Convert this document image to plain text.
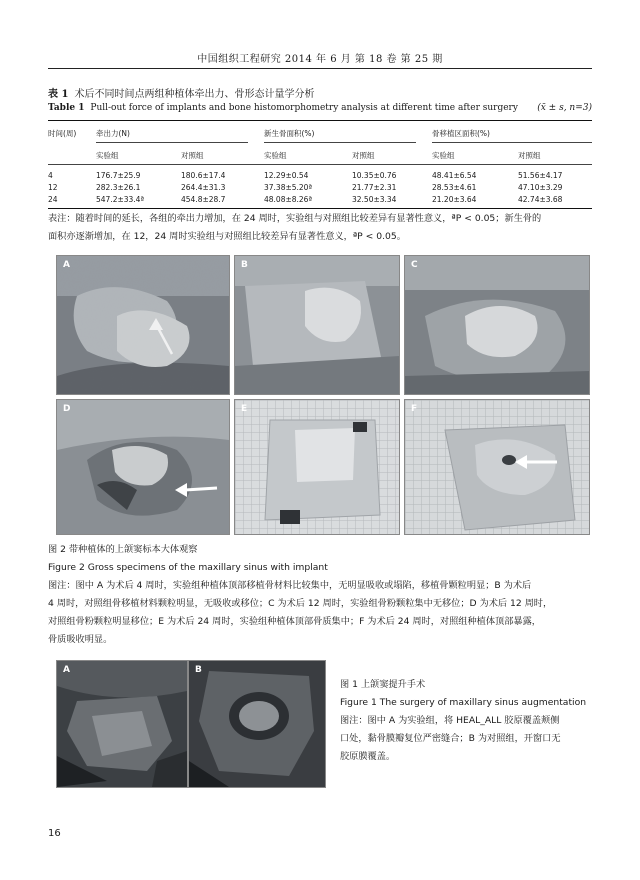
中国组织工程研究 2014 年 6 月 第 18 卷 第 25 期
表 1 术后不同时间点两组种植体牵出力、骨形态计量学分析
Table 1 Pull-out force of implants and bone histomorphometry analysis at different time after surgery	(x̄ ± s, n=3)
时间(周)	牵出力(N)	新生骨面积(%)	骨移植区面积(%)
实验组	对照组	实验组	对照组	实验组	对照组
4	176.7±25.9	180.6±17.4	12.29±0.54	10.35±0.76	48.41±6.54	51.56±4.17
12	282.3±26.1	264.4±31.3	37.38±5.20ª	21.77±2.31	28.53±4.61	47.10±3.29
24	547.2±33.4ª	454.8±28.7	48.08±8.26ª	32.50±3.34	21.20±3.64	42.74±3.68
表注：随着时间的延长，各组的牵出力增加，在 24 周时，实验组与对照组比较差异有显著性意义，ªP < 0.05；新生骨的
面积亦逐渐增加，在 12，24 周时实验组与对照组比较差异有显著性意义，ªP < 0.05。
A	B	C
D	E	F
图 2 带种植体的上颌窦标本大体观察
Figure 2 Gross specimens of the maxillary sinus with implant
图注：图中 A 为术后 4 周时，实验组种植体顶部移植骨材料比较集中，无明显吸收或塌陷，移植骨颗粒明显；B 为术后
4 周时，对照组骨移植材料颗粒明显，无吸收或移位；C 为术后 12 周时，实验组骨粉颗粒集中无移位；D 为术后 12 周时，
对照组骨粉颗粒明显移位；E 为术后 24 周时，实验组种植体顶部骨质集中；F 为术后 24 周时，对照组种植体顶部暴露，
骨质吸收明显。
A	B
图 1 上颌窦提升手术
Figure 1 The surgery of maxillary sinus augmentation
图注：图中 A 为实验组，将 HEAL_ALL 胶原覆盖颊侧
口处，黏骨膜瓣复位严密缝合；B 为对照组，开窗口无
胶原膜覆盖。
16
